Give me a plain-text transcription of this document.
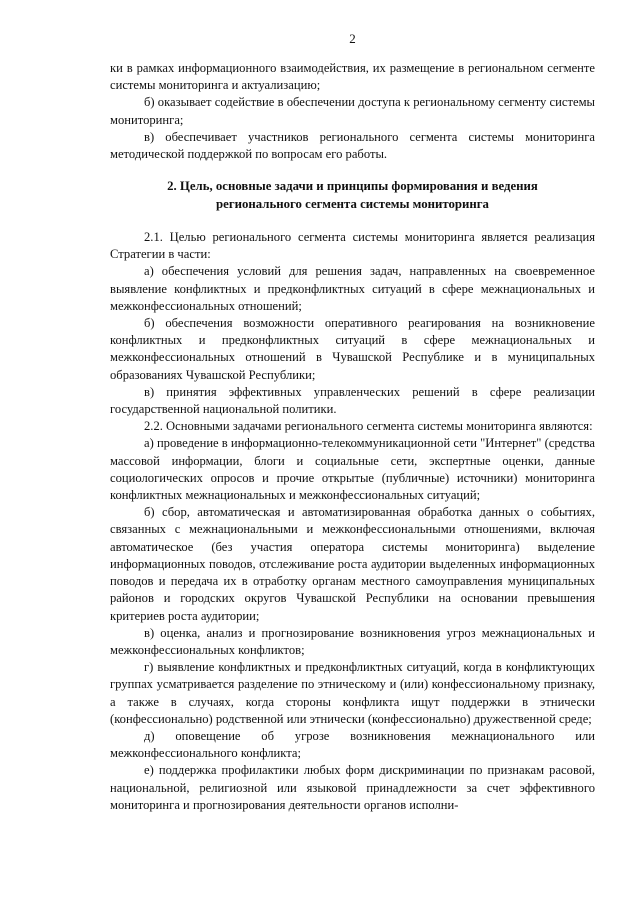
2

ки в рамках информационного взаимодействия, их размещение в региональном сегменте системы мониторинга и актуализацию;

б) оказывает содействие в обеспечении доступа к региональному сегменту системы мониторинга;

в) обеспечивает участников регионального сегмента системы мониторинга методической поддержкой по вопросам его работы.

2. Цель, основные задачи и принципы формирования и ведения
регионального сегмента системы мониторинга

2.1. Целью регионального сегмента системы мониторинга является реализация Стратегии в части:

а) обеспечения условий для решения задач, направленных на своевременное выявление конфликтных и предконфликтных ситуаций в сфере межнациональных и межконфессиональных отношений;

б) обеспечения возможности оперативного реагирования на возникновение конфликтных и предконфликтных ситуаций в сфере межнациональных и межконфессиональных отношений в Чувашской Республике и в муниципальных образованиях Чувашской Республики;

в) принятия эффективных управленческих решений в сфере реализации государственной национальной политики.

2.2. Основными задачами регионального сегмента системы мониторинга являются:

а) проведение в информационно-телекоммуникационной сети "Интернет" (средства массовой информации, блоги и социальные сети, экспертные оценки, данные социологических опросов и прочие открытые (публичные) источники) мониторинга конфликтных межнациональных и межконфессиональных ситуаций;

б) сбор, автоматическая и автоматизированная обработка данных о событиях, связанных с межнациональными и межконфессиональными отношениями, включая автоматическое (без участия оператора системы мониторинга) выделение информационных поводов, отслеживание роста аудитории выделенных информационных поводов и передача их в отработку органам местного самоуправления муниципальных районов и городских округов Чувашской Республики на основании превышения критериев роста аудитории;

в) оценка, анализ и прогнозирование возникновения угроз межнациональных и межконфессиональных конфликтов;

г) выявление конфликтных и предконфликтных ситуаций, когда в конфликтующих группах усматривается разделение по этническому и (или) конфессиональному признаку, а также в случаях, когда стороны конфликта ищут поддержки в этнически (конфессионально) родственной или этнически (конфессионально) дружественной среде;

д) оповещение об угрозе возникновения межнационального или межконфессионального конфликта;

е) поддержка профилактики любых форм дискриминации по признакам расовой, национальной, религиозной или языковой принадлежности за счет эффективного мониторинга и прогнозирования деятельности органов исполни-
